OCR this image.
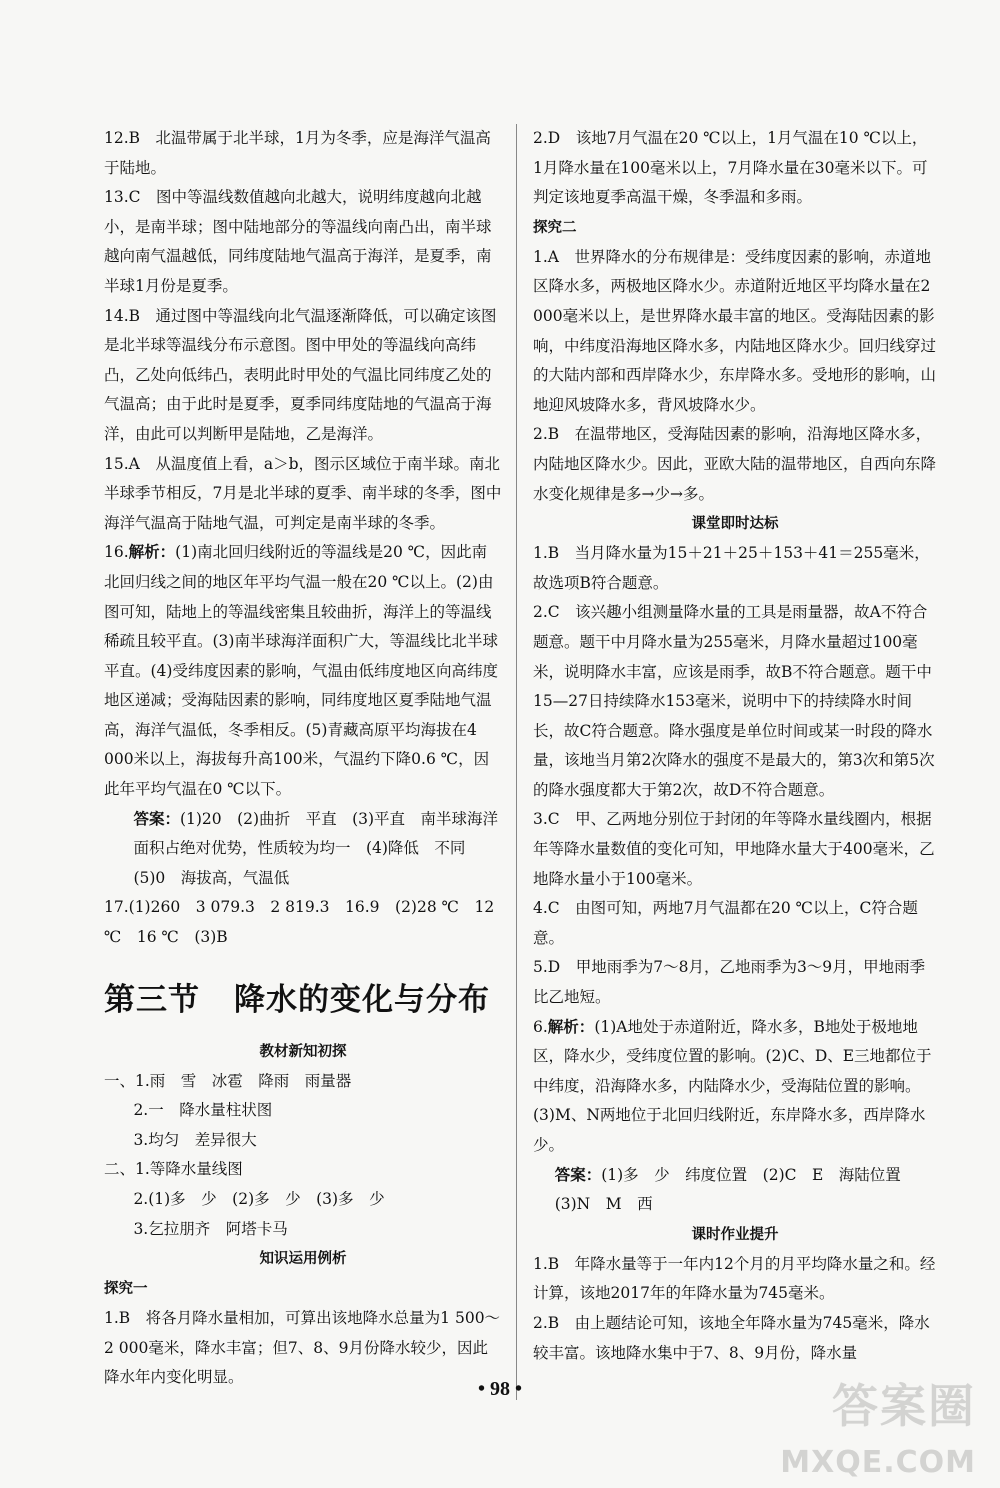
12.B　北温带属于北半球，1月为冬季，应是海洋气温高于陆地。

13.C　图中等温线数值越向北越大，说明纬度越向北越小，是南半球；图中陆地部分的等温线向南凸出，南半球越向南气温越低，同纬度陆地气温高于海洋，是夏季，南半球1月份是夏季。

14.B　通过图中等温线向北气温逐渐降低，可以确定该图是北半球等温线分布示意图。图中甲处的等温线向高纬凸，乙处向低纬凸，表明此时甲处的气温比同纬度乙处的气温高；由于此时是夏季，夏季同纬度陆地的气温高于海洋，由此可以判断甲是陆地，乙是海洋。

15.A　从温度值上看，a＞b，图示区域位于南半球。南北半球季节相反，7月是北半球的夏季、南半球的冬季，图中海洋气温高于陆地气温，可判定是南半球的冬季。

16.解析：(1)南北回归线附近的等温线是20 ℃，因此南北回归线之间的地区年平均气温一般在20 ℃以上。(2)由图可知，陆地上的等温线密集且较曲折，海洋上的等温线稀疏且较平直。(3)南半球海洋面积广大，等温线比北半球平直。(4)受纬度因素的影响，气温由低纬度地区向高纬度地区递减；受海陆因素的影响，同纬度地区夏季陆地气温高，海洋气温低，冬季相反。(5)青藏高原平均海拔在4 000米以上，海拔每升高100米，气温约下降0.6 ℃，因此年平均气温在0 ℃以下。

答案：(1)20　(2)曲折　平直　(3)平直　南半球海洋面积占绝对优势，性质较为均一　(4)降低　不同　(5)0　海拔高，气温低

17.(1)260　3 079.3　2 819.3　16.9　(2)28 ℃　12 ℃　16 ℃　(3)B

第三节 降水的变化与分布

教材新知初探

一、1.雨　雪　冰雹　降雨　雨量器

2.一　降水量柱状图

3.均匀　差异很大

二、1.等降水量线图

2.(1)多　少　(2)多　少　(3)多　少

3.乞拉朋齐　阿塔卡马

知识运用例析

探究一

1.B　将各月降水量相加，可算出该地降水总量为1 500～2 000毫米，降水丰富；但7、8、9月份降水较少，因此降水年内变化明显。

2.D　该地7月气温在20 ℃以上，1月气温在10 ℃以上，1月降水量在100毫米以上，7月降水量在30毫米以下。可判定该地夏季高温干燥，冬季温和多雨。

探究二

1.A　世界降水的分布规律是：受纬度因素的影响，赤道地区降水多，两极地区降水少。赤道附近地区平均降水量在2 000毫米以上，是世界降水最丰富的地区。受海陆因素的影响，中纬度沿海地区降水多，内陆地区降水少。回归线穿过的大陆内部和西岸降水少，东岸降水多。受地形的影响，山地迎风坡降水多，背风坡降水少。

2.B　在温带地区，受海陆因素的影响，沿海地区降水多，内陆地区降水少。因此，亚欧大陆的温带地区，自西向东降水变化规律是多→少→多。

课堂即时达标

1.B　当月降水量为15＋21＋25＋153＋41＝255毫米，故选项B符合题意。

2.C　该兴趣小组测量降水量的工具是雨量器，故A不符合题意。题干中月降水量为255毫米，月降水量超过100毫米，说明降水丰富，应该是雨季，故B不符合题意。题干中15—27日持续降水153毫米，说明中下的持续降水时间长，故C符合题意。降水强度是单位时间或某一时段的降水量，该地当月第2次降水的强度不是最大的，第3次和第5次的降水强度都大于第2次，故D不符合题意。

3.C　甲、乙两地分别位于封闭的年等降水量线圈内，根据年等降水量数值的变化可知，甲地降水量大于400毫米，乙地降水量小于100毫米。

4.C　由图可知，两地7月气温都在20 ℃以上，C符合题意。

5.D　甲地雨季为7～8月，乙地雨季为3～9月，甲地雨季比乙地短。

6.解析：(1)A地处于赤道附近，降水多，B地处于极地地区，降水少，受纬度位置的影响。(2)C、D、E三地都位于中纬度，沿海降水多，内陆降水少，受海陆位置的影响。(3)M、N两地位于北回归线附近，东岸降水多，西岸降水少。

答案：(1)多　少　纬度位置　(2)C　E　海陆位置　(3)N　M　西

课时作业提升

1.B　年降水量等于一年内12个月的月平均降水量之和。经计算，该地2017年的年降水量为745毫米。

2.B　由上题结论可知，该地全年降水量为745毫米，降水较丰富。该地降水集中于7、8、9月份，降水量

• 98 •	答案圈
MXQE.COM
